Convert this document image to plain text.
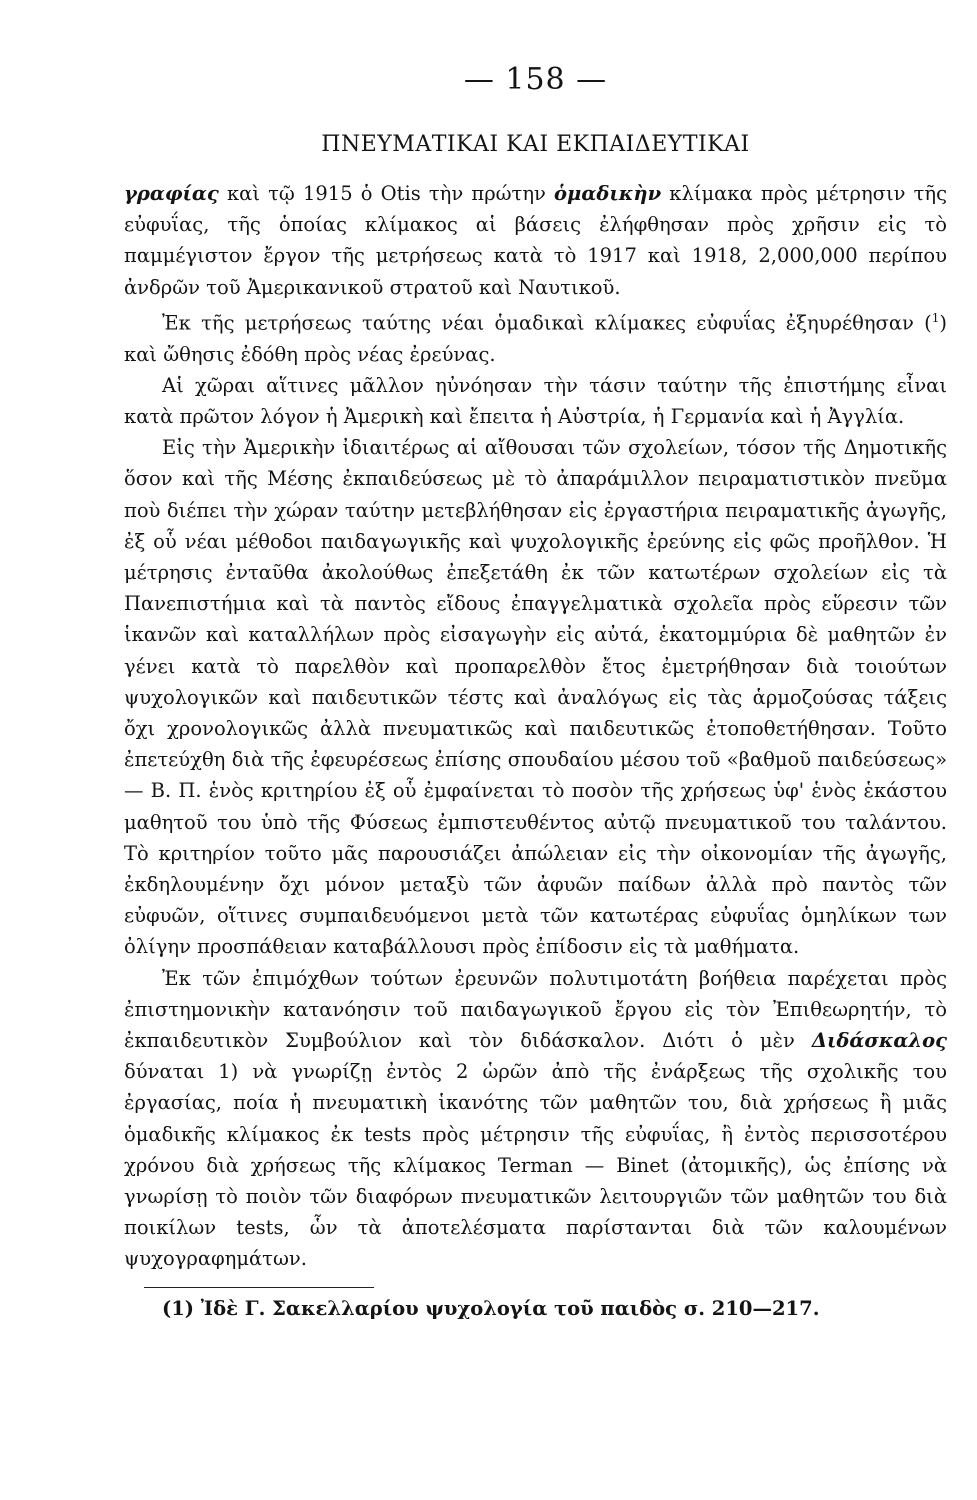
— 158 —
ΠΝΕΥΜΑΤΙΚΑΙ ΚΑΙ ΕΚΠΑΙΔΕΥΤΙΚΑΙ

γραφίας καὶ τῷ 1915 ὁ Otis τὴν πρώτην ὁμαδικὴν κλίμακα πρὸς μέτρησιν τῆς εὐφυΐας, τῆς ὁποίας κλίμακος αἱ βάσεις ἐλήφθησαν πρὸς χρῆσιν εἰς τὸ παμμέγιστον ἔργον τῆς μετρήσεως κατὰ τὸ 1917 καὶ 1918, 2,000,000 περίπου ἀνδρῶν τοῦ Ἀμερικανικοῦ στρατοῦ καὶ Ναυτικοῦ.

Ἐκ τῆς μετρήσεως ταύτης νέαι ὁμαδικαὶ κλίμακες εὐφυΐας ἐξηυρέθησαν ($^1$) καὶ ὤθησις ἐδόθη πρὸς νέας ἐρεύνας.

Αἱ χῶραι αἵτινες μᾶλλον ηὐνόησαν τὴν τάσιν ταύτην τῆς ἐπιστήμης εἶναι κατὰ πρῶτον λόγον ἡ Ἀμερικὴ καὶ ἔπειτα ἡ Αὐστρία, ἡ Γερμανία καὶ ἡ Ἀγγλία.

Εἰς τὴν Ἀμερικὴν ἰδιαιτέρως αἱ αἴθουσαι τῶν σχολείων, τόσον τῆς Δημοτικῆς ὅσον καὶ τῆς Μέσης ἐκπαιδεύσεως μὲ τὸ ἀπαράμιλλον πειραματιστικὸν πνεῦμα ποὺ διέπει τὴν χώραν ταύτην μετεβλήθησαν εἰς ἐργαστήρια πειραματικῆς ἀγωγῆς, ἐξ οὗ νέαι μέθοδοι παιδαγωγικῆς καὶ ψυχολογικῆς ἐρεύνης εἰς φῶς προῆλθον. Ἡ μέτρησις ἐνταῦθα ἀκολούθως ἐπεξετάθη ἐκ τῶν κατωτέρων σχολείων εἰς τὰ Πανεπιστήμια καὶ τὰ παντὸς εἴδους ἐπαγγελματικὰ σχολεῖα πρὸς εὕρεσιν τῶν ἱκανῶν καὶ καταλλήλων πρὸς εἰσαγωγὴν εἰς αὐτά, ἑκατομμύρια δὲ μαθητῶν ἐν γένει κατὰ τὸ παρελθὸν καὶ προπαρελθὸν ἔτος ἐμετρήθησαν διὰ τοιούτων ψυχολογικῶν καὶ παιδευτικῶν τέστς καὶ ἀναλόγως εἰς τὰς ἁρμοζούσας τάξεις ὄχι χρονολογικῶς ἀλλὰ πνευματικῶς καὶ παιδευτικῶς ἐτοποθετήθησαν. Τοῦτο ἐπετεύχθη διὰ τῆς ἐφευρέσεως ἐπίσης σπουδαίου μέσου τοῦ «βαθμοῦ παιδεύσεως» — Β. Π. ἑνὸς κριτηρίου ἐξ οὗ ἐμφαίνεται τὸ ποσὸν τῆς χρήσεως ὑφ' ἑνὸς ἑκάστου μαθητοῦ του ὑπὸ τῆς Φύσεως ἐμπιστευθέντος αὐτῷ πνευματικοῦ του ταλάντου. Τὸ κριτηρίον τοῦτο μᾶς παρουσιάζει ἀπώλειαν εἰς τὴν οἰκονομίαν τῆς ἀγωγῆς, ἐκδηλουμένην ὄχι μόνον μεταξὺ τῶν ἀφυῶν παίδων ἀλλὰ πρὸ παντὸς τῶν εὐφυῶν, οἵτινες συμπαιδευόμενοι μετὰ τῶν κατωτέρας εὐφυΐας ὁμηλίκων των ὀλίγην προσπάθειαν καταβάλλουσι πρὸς ἐπίδοσιν εἰς τὰ μαθήματα.

Ἐκ τῶν ἐπιμόχθων τούτων ἐρευνῶν πολυτιμοτάτη βοήθεια παρέχεται πρὸς ἐπιστημονικὴν κατανόησιν τοῦ παιδαγωγικοῦ ἔργου εἰς τὸν Ἐπιθεωρητήν, τὸ ἐκπαιδευτικὸν Συμβούλιον καὶ τὸν διδάσκαλον. Διότι ὁ μὲν Διδάσκαλος δύναται 1) νὰ γνωρίζῃ ἐντὸς 2 ὡρῶν ἀπὸ τῆς ἐνάρξεως τῆς σχολικῆς του ἐργασίας, ποία ἡ πνευματικὴ ἱκανότης τῶν μαθητῶν του, διὰ χρήσεως ἢ μιᾶς ὁμαδικῆς κλίμακος ἐκ tests πρὸς μέτρησιν τῆς εὐφυΐας, ἢ ἐντὸς περισσοτέρου χρόνου διὰ χρήσεως τῆς κλίμακος Terman — Binet (ἀτομικῆς), ὡς ἐπίσης νὰ γνωρίσῃ τὸ ποιὸν τῶν διαφόρων πνευματικῶν λειτουργιῶν τῶν μαθητῶν του διὰ ποικίλων tests, ὧν τὰ ἀποτελέσματα παρίστανται διὰ τῶν καλουμένων ψυχογραφημάτων.

(1) Ἰδὲ Γ. Σακελλαρίου ψυχολογία τοῦ παιδὸς σ. 210—217.
